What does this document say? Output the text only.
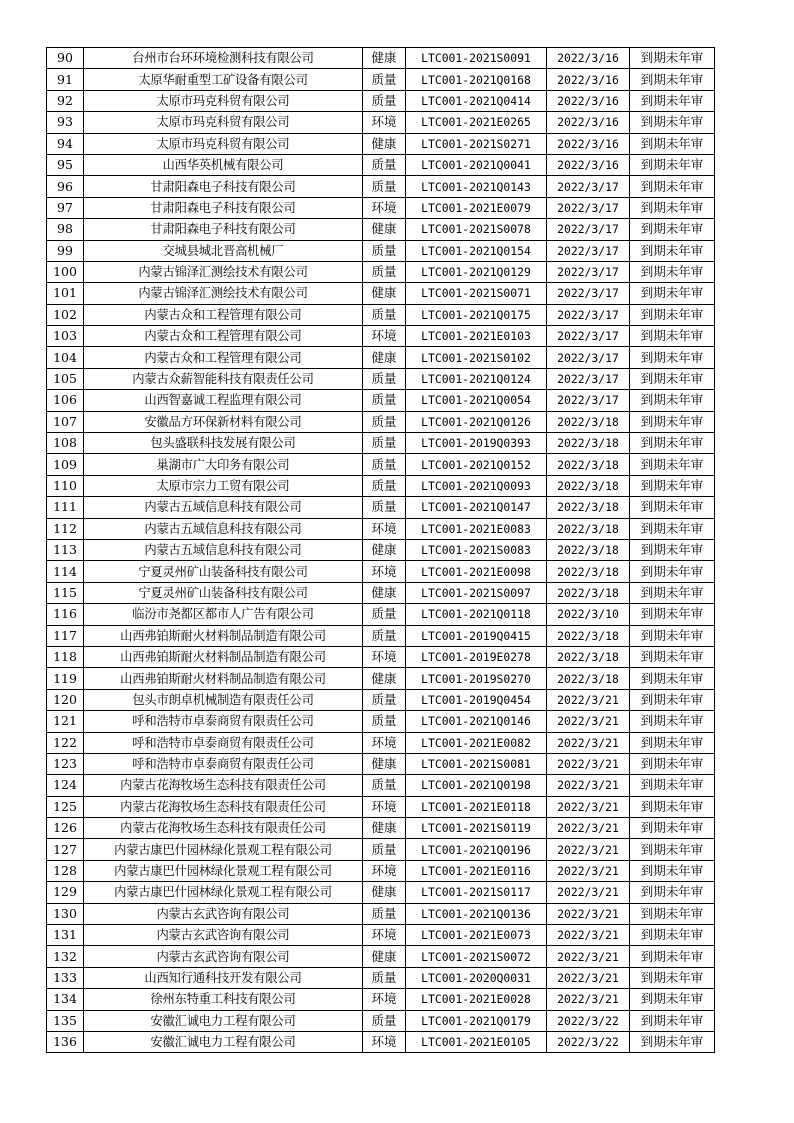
90	台州市台环环境检测科技有限公司	健康	LTC001-2021S0091	2022/3/16	到期未年审
91	太原华耐重型工矿设备有限公司	质量	LTC001-2021Q0168	2022/3/16	到期未年审
92	太原市玛克科贸有限公司	质量	LTC001-2021Q0414	2022/3/16	到期未年审
93	太原市玛克科贸有限公司	环境	LTC001-2021E0265	2022/3/16	到期未年审
94	太原市玛克科贸有限公司	健康	LTC001-2021S0271	2022/3/16	到期未年审
95	山西华英机械有限公司	质量	LTC001-2021Q0041	2022/3/16	到期未年审
96	甘肃阳森电子科技有限公司	质量	LTC001-2021Q0143	2022/3/17	到期未年审
97	甘肃阳森电子科技有限公司	环境	LTC001-2021E0079	2022/3/17	到期未年审
98	甘肃阳森电子科技有限公司	健康	LTC001-2021S0078	2022/3/17	到期未年审
99	交城县城北晋高机械厂	质量	LTC001-2021Q0154	2022/3/17	到期未年审
100	内蒙古锦泽汇测绘技术有限公司	质量	LTC001-2021Q0129	2022/3/17	到期未年审
101	内蒙古锦泽汇测绘技术有限公司	健康	LTC001-2021S0071	2022/3/17	到期未年审
102	内蒙古众和工程管理有限公司	质量	LTC001-2021Q0175	2022/3/17	到期未年审
103	内蒙古众和工程管理有限公司	环境	LTC001-2021E0103	2022/3/17	到期未年审
104	内蒙古众和工程管理有限公司	健康	LTC001-2021S0102	2022/3/17	到期未年审
105	内蒙古众薪智能科技有限责任公司	质量	LTC001-2021Q0124	2022/3/17	到期未年审
106	山西智嘉诚工程监理有限公司	质量	LTC001-2021Q0054	2022/3/17	到期未年审
107	安徽品方环保新材料有限公司	质量	LTC001-2021Q0126	2022/3/18	到期未年审
108	包头盛联科技发展有限公司	质量	LTC001-2019Q0393	2022/3/18	到期未年审
109	巢湖市广大印务有限公司	质量	LTC001-2021Q0152	2022/3/18	到期未年审
110	太原市宗力工贸有限公司	质量	LTC001-2021Q0093	2022/3/18	到期未年审
111	内蒙古五域信息科技有限公司	质量	LTC001-2021Q0147	2022/3/18	到期未年审
112	内蒙古五域信息科技有限公司	环境	LTC001-2021E0083	2022/3/18	到期未年审
113	内蒙古五域信息科技有限公司	健康	LTC001-2021S0083	2022/3/18	到期未年审
114	宁夏灵州矿山装备科技有限公司	环境	LTC001-2021E0098	2022/3/18	到期未年审
115	宁夏灵州矿山装备科技有限公司	健康	LTC001-2021S0097	2022/3/18	到期未年审
116	临汾市尧都区都市人广告有限公司	质量	LTC001-2021Q0118	2022/3/10	到期未年审
117	山西弗铂斯耐火材料制品制造有限公司	质量	LTC001-2019Q0415	2022/3/18	到期未年审
118	山西弗铂斯耐火材料制品制造有限公司	环境	LTC001-2019E0278	2022/3/18	到期未年审
119	山西弗铂斯耐火材料制品制造有限公司	健康	LTC001-2019S0270	2022/3/18	到期未年审
120	包头市朗卓机械制造有限责任公司	质量	LTC001-2019Q0454	2022/3/21	到期未年审
121	呼和浩特市卓泰商贸有限责任公司	质量	LTC001-2021Q0146	2022/3/21	到期未年审
122	呼和浩特市卓泰商贸有限责任公司	环境	LTC001-2021E0082	2022/3/21	到期未年审
123	呼和浩特市卓泰商贸有限责任公司	健康	LTC001-2021S0081	2022/3/21	到期未年审
124	内蒙古花海牧场生态科技有限责任公司	质量	LTC001-2021Q0198	2022/3/21	到期未年审
125	内蒙古花海牧场生态科技有限责任公司	环境	LTC001-2021E0118	2022/3/21	到期未年审
126	内蒙古花海牧场生态科技有限责任公司	健康	LTC001-2021S0119	2022/3/21	到期未年审
127	内蒙古康巴什园林绿化景观工程有限公司	质量	LTC001-2021Q0196	2022/3/21	到期未年审
128	内蒙古康巴什园林绿化景观工程有限公司	环境	LTC001-2021E0116	2022/3/21	到期未年审
129	内蒙古康巴什园林绿化景观工程有限公司	健康	LTC001-2021S0117	2022/3/21	到期未年审
130	内蒙古玄武咨询有限公司	质量	LTC001-2021Q0136	2022/3/21	到期未年审
131	内蒙古玄武咨询有限公司	环境	LTC001-2021E0073	2022/3/21	到期未年审
132	内蒙古玄武咨询有限公司	健康	LTC001-2021S0072	2022/3/21	到期未年审
133	山西知行通科技开发有限公司	质量	LTC001-2020Q0031	2022/3/21	到期未年审
134	徐州东特重工科技有限公司	环境	LTC001-2021E0028	2022/3/21	到期未年审
135	安徽汇诚电力工程有限公司	质量	LTC001-2021Q0179	2022/3/22	到期未年审
136	安徽汇诚电力工程有限公司	环境	LTC001-2021E0105	2022/3/22	到期未年审
